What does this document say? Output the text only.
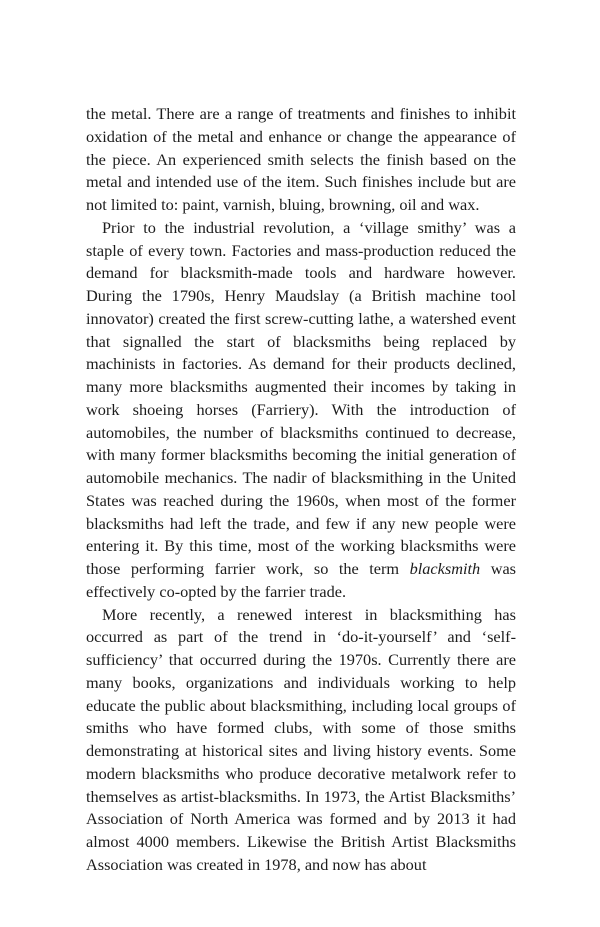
the metal. There are a range of treatments and finishes to inhibit oxidation of the metal and enhance or change the appearance of the piece. An experienced smith selects the finish based on the metal and intended use of the item. Such finishes include but are not limited to: paint, varnish, bluing, browning, oil and wax.

Prior to the industrial revolution, a ‘village smithy’ was a staple of every town. Factories and mass-production reduced the demand for blacksmith-made tools and hardware however. During the 1790s, Henry Maudslay (a British machine tool innovator) created the first screw-cutting lathe, a watershed event that signalled the start of blacksmiths being replaced by machinists in factories. As demand for their products declined, many more blacksmiths augmented their incomes by taking in work shoeing horses (Farriery). With the introduction of automobiles, the number of blacksmiths continued to decrease, with many former blacksmiths becoming the initial generation of automobile mechanics. The nadir of blacksmithing in the United States was reached during the 1960s, when most of the former blacksmiths had left the trade, and few if any new people were entering it. By this time, most of the working blacksmiths were those performing farrier work, so the term blacksmith was effectively co-opted by the farrier trade.

More recently, a renewed interest in blacksmithing has occurred as part of the trend in ‘do-it-yourself’ and ‘self-sufficiency’ that occurred during the 1970s. Currently there are many books, organizations and individuals working to help educate the public about blacksmithing, including local groups of smiths who have formed clubs, with some of those smiths demonstrating at historical sites and living history events. Some modern blacksmiths who produce decorative metalwork refer to themselves as artist-blacksmiths. In 1973, the Artist Blacksmiths’ Association of North America was formed and by 2013 it had almost 4000 members. Likewise the British Artist Blacksmiths Association was created in 1978, and now has about
